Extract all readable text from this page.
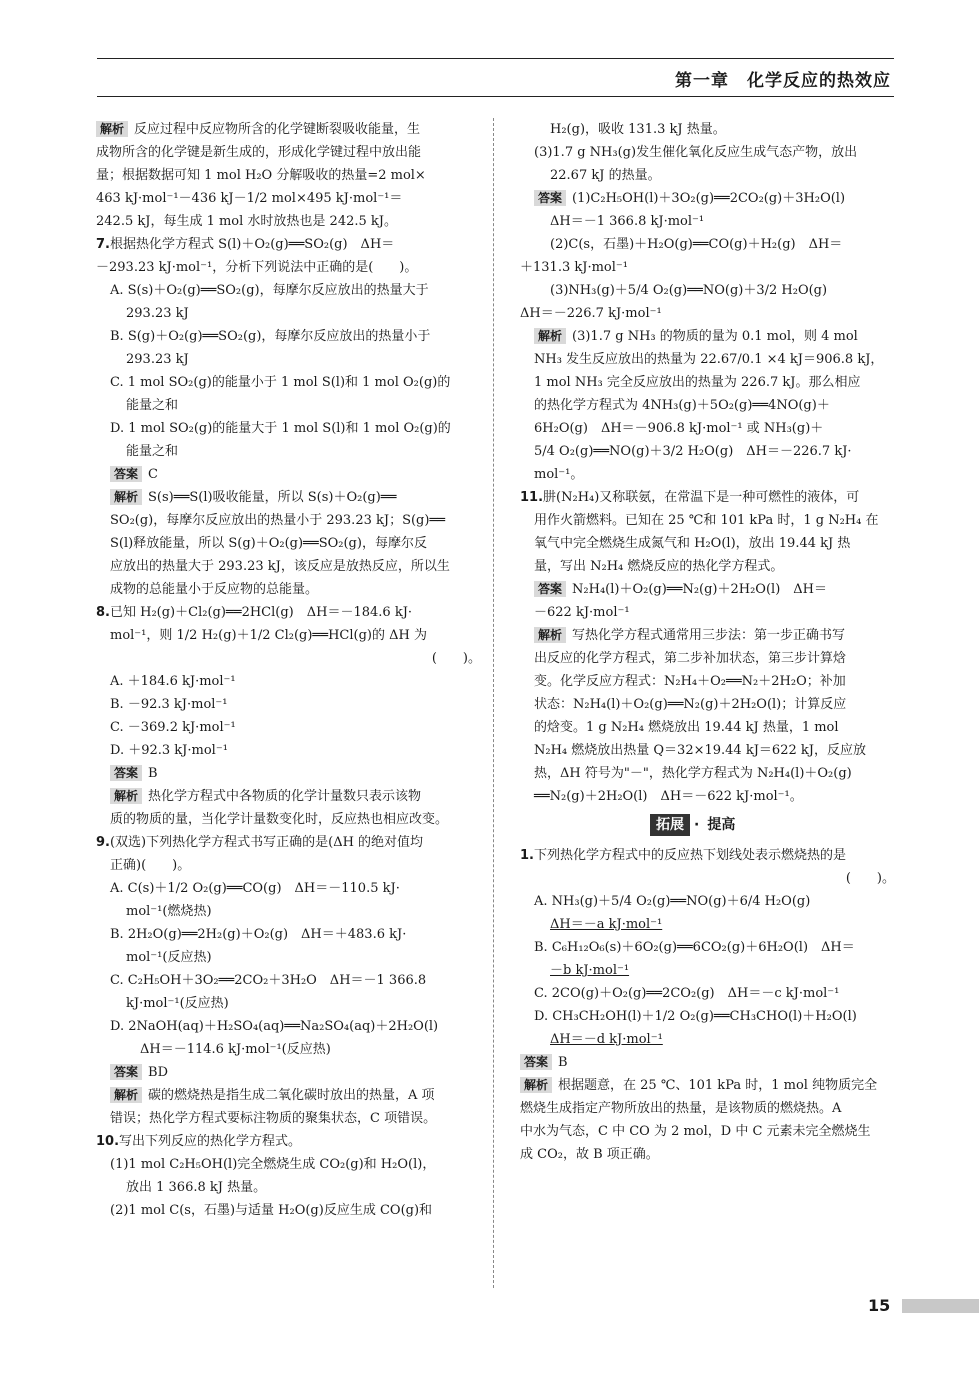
第一章　化学反应的热效应
解析 反应过程中反应物所含的化学键断裂吸收能量，生
成物所含的化学键是新生成的，形成化学键过程中放出能
量；根据数据可知 1 mol H₂O 分解吸收的热量=2 mol×
463 kJ·mol⁻¹－436 kJ－1/2 mol×495 kJ·mol⁻¹＝
242.5 kJ，每生成 1 mol 水时放热也是 242.5 kJ。
7.根据热化学方程式 S(l)＋O₂(g)══SO₂(g)　ΔH＝
－293.23 kJ·mol⁻¹，分析下列说法中正确的是(　　)。
A. S(s)＋O₂(g)══SO₂(g)，每摩尔反应放出的热量大于
293.23 kJ
B. S(g)＋O₂(g)══SO₂(g)，每摩尔反应放出的热量小于
293.23 kJ
C. 1 mol SO₂(g)的能量小于 1 mol S(l)和 1 mol O₂(g)的
能量之和
D. 1 mol SO₂(g)的能量大于 1 mol S(l)和 1 mol O₂(g)的
能量之和
答案 C
解析 S(s)══S(l)吸收能量，所以 S(s)＋O₂(g)══
SO₂(g)，每摩尔反应放出的热量小于 293.23 kJ；S(g)══
S(l)释放能量，所以 S(g)＋O₂(g)══SO₂(g)，每摩尔反
应放出的热量大于 293.23 kJ，该反应是放热反应，所以生
成物的总能量小于反应物的总能量。
8.已知 H₂(g)＋Cl₂(g)══2HCl(g)　ΔH＝－184.6 kJ·
mol⁻¹，则 1/2 H₂(g)＋1/2 Cl₂(g)══HCl(g)的 ΔH 为
(　　)。
A. ＋184.6 kJ·mol⁻¹
B. －92.3 kJ·mol⁻¹
C. －369.2 kJ·mol⁻¹
D. ＋92.3 kJ·mol⁻¹
答案 B
解析 热化学方程式中各物质的化学计量数只表示该物
质的物质的量，当化学计量数变化时，反应热也相应改变。
9.(双选)下列热化学方程式书写正确的是(ΔH 的绝对值均
正确)(　　)。
A. C(s)＋1/2 O₂(g)══CO(g)　ΔH＝－110.5 kJ·
mol⁻¹(燃烧热)
B. 2H₂O(g)══2H₂(g)＋O₂(g)　ΔH＝＋483.6 kJ·
mol⁻¹(反应热)
C. C₂H₅OH＋3O₂══2CO₂＋3H₂O　ΔH＝－1 366.8
kJ·mol⁻¹(反应热)
D. 2NaOH(aq)＋H₂SO₄(aq)══Na₂SO₄(aq)＋2H₂O(l)
ΔH＝－114.6 kJ·mol⁻¹(反应热)
答案 BD
解析 碳的燃烧热是指生成二氧化碳时放出的热量，A 项
错误；热化学方程式要标注物质的聚集状态，C 项错误。
10.写出下列反应的热化学方程式。
(1)1 mol C₂H₅OH(l)完全燃烧生成 CO₂(g)和 H₂O(l)，
放出 1 366.8 kJ 热量。
(2)1 mol C(s，石墨)与适量 H₂O(g)反应生成 CO(g)和
H₂(g)，吸收 131.3 kJ 热量。
(3)1.7 g NH₃(g)发生催化氧化反应生成气态产物，放出
22.67 kJ 的热量。
答案 (1)C₂H₅OH(l)＋3O₂(g)══2CO₂(g)＋3H₂O(l)
ΔH＝－1 366.8 kJ·mol⁻¹
(2)C(s，石墨)＋H₂O(g)══CO(g)＋H₂(g)　ΔH＝
＋131.3 kJ·mol⁻¹
(3)NH₃(g)＋5/4 O₂(g)══NO(g)＋3/2 H₂O(g)
ΔH＝－226.7 kJ·mol⁻¹
解析 (3)1.7 g NH₃ 的物质的量为 0.1 mol，则 4 mol
NH₃ 发生反应放出的热量为 22.67/0.1 ×4 kJ＝906.8 kJ，
1 mol NH₃ 完全反应放出的热量为 226.7 kJ。那么相应
的热化学方程式为 4NH₃(g)＋5O₂(g)══4NO(g)＋
6H₂O(g)　ΔH＝－906.8 kJ·mol⁻¹ 或 NH₃(g)＋
5/4 O₂(g)══NO(g)＋3/2 H₂O(g)　ΔH＝－226.7 kJ·
mol⁻¹。
11.肼(N₂H₄)又称联氨，在常温下是一种可燃性的液体，可
用作火箭燃料。已知在 25 ℃和 101 kPa 时，1 g N₂H₄ 在
氧气中完全燃烧生成氮气和 H₂O(l)，放出 19.44 kJ 热
量，写出 N₂H₄ 燃烧反应的热化学方程式。
答案 N₂H₄(l)＋O₂(g)══N₂(g)＋2H₂O(l)　ΔH＝
－622 kJ·mol⁻¹
解析 写热化学方程式通常用三步法：第一步正确书写
出反应的化学方程式，第二步补加状态，第三步计算焓
变。化学反应方程式：N₂H₄＋O₂══N₂＋2H₂O；补加
状态：N₂H₄(l)＋O₂(g)══N₂(g)＋2H₂O(l)；计算反应
的焓变。1 g N₂H₄ 燃烧放出 19.44 kJ 热量，1 mol
N₂H₄ 燃烧放出热量 Q＝32×19.44 kJ＝622 kJ，反应放
热，ΔH 符号为"－"，热化学方程式为 N₂H₄(l)＋O₂(g)
══N₂(g)＋2H₂O(l)　ΔH＝－622 kJ·mol⁻¹。
拓展 · 提高
1.下列热化学方程式中的反应热下划线处表示燃烧热的是
(　　)。
A. NH₃(g)＋5/4 O₂(g)══NO(g)＋6/4 H₂O(g)
ΔH＝－a kJ·mol⁻¹
B. C₆H₁₂O₆(s)＋6O₂(g)══6CO₂(g)＋6H₂O(l)　ΔH＝
－b kJ·mol⁻¹
C. 2CO(g)＋O₂(g)══2CO₂(g)　ΔH＝－c kJ·mol⁻¹
D. CH₃CH₂OH(l)＋1/2 O₂(g)══CH₃CHO(l)＋H₂O(l)
ΔH＝－d kJ·mol⁻¹
答案 B
解析 根据题意，在 25 ℃、101 kPa 时，1 mol 纯物质完全
燃烧生成指定产物所放出的热量，是该物质的燃烧热。A
中水为气态，C 中 CO 为 2 mol，D 中 C 元素未完全燃烧生
成 CO₂，故 B 项正确。
15
